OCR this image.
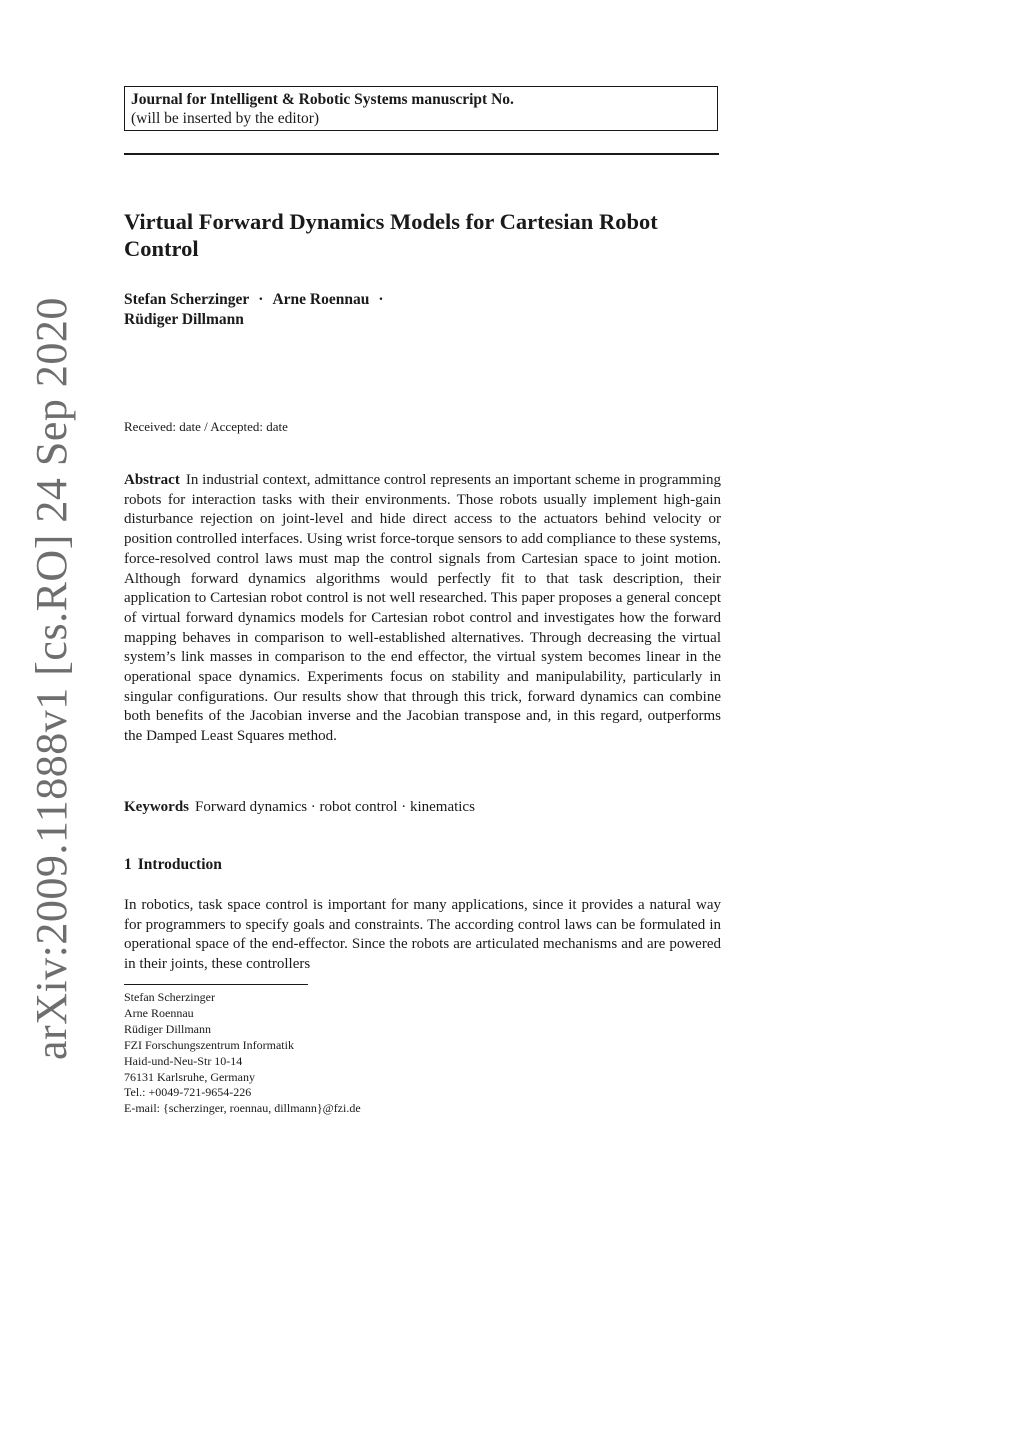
arXiv:2009.11888v1 [cs.RO] 24 Sep 2020
Journal for Intelligent & Robotic Systems manuscript No.
(will be inserted by the editor)
Virtual Forward Dynamics Models for Cartesian Robot Control
Stefan Scherzinger · Arne Roennau ·
Rüdiger Dillmann
Received: date / Accepted: date
Abstract In industrial context, admittance control represents an important scheme in programming robots for interaction tasks with their environments. Those robots usually implement high-gain disturbance rejection on joint-level and hide direct access to the actuators behind velocity or position controlled interfaces. Using wrist force-torque sensors to add compliance to these systems, force-resolved control laws must map the control signals from Cartesian space to joint motion. Although forward dynamics algorithms would perfectly fit to that task description, their application to Cartesian robot control is not well researched. This paper proposes a general concept of virtual forward dynamics models for Cartesian robot control and investigates how the forward mapping behaves in comparison to well-established alternatives. Through decreasing the virtual system’s link masses in comparison to the end effector, the virtual system becomes linear in the operational space dynamics. Experiments focus on stability and manipulability, particularly in singular configurations. Our results show that through this trick, forward dynamics can combine both benefits of the Jacobian inverse and the Jacobian transpose and, in this regard, outperforms the Damped Least Squares method.
Keywords Forward dynamics · robot control · kinematics
1 Introduction
In robotics, task space control is important for many applications, since it provides a natural way for programmers to specify goals and constraints. The according control laws can be formulated in operational space of the end-effector. Since the robots are articulated mechanisms and are powered in their joints, these controllers
Stefan Scherzinger
Arne Roennau
Rüdiger Dillmann
FZI Forschungszentrum Informatik
Haid-und-Neu-Str 10-14
76131 Karlsruhe, Germany
Tel.: +0049-721-9654-226
E-mail: {scherzinger, roennau, dillmann}@fzi.de
